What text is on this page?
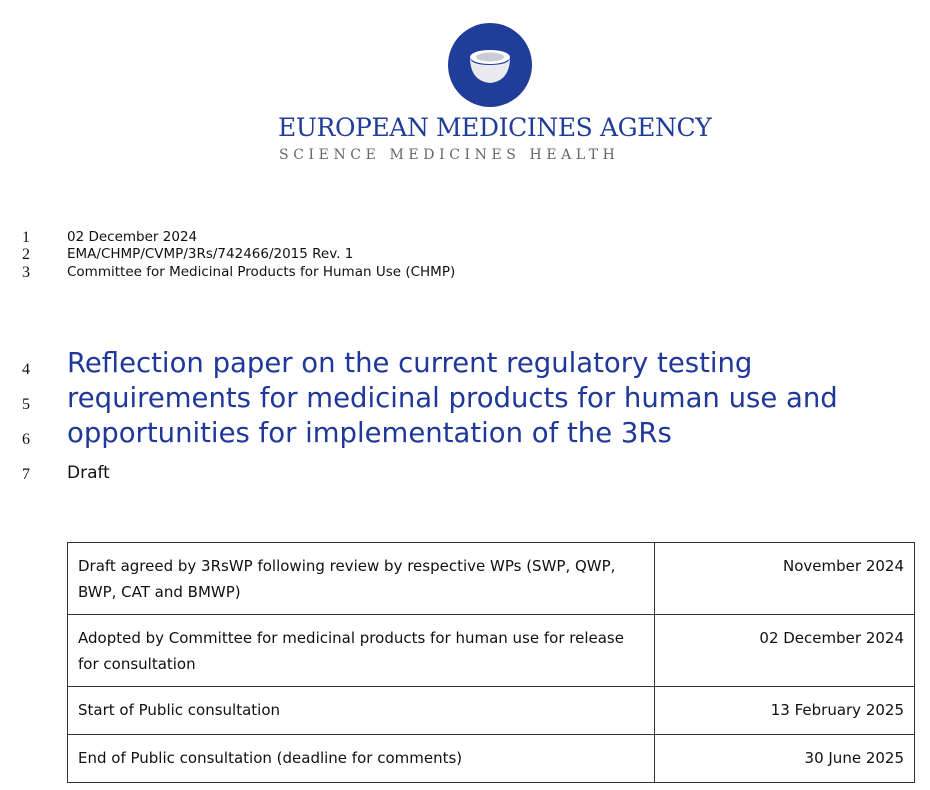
EUROPEAN MEDICINES AGENCY
SCIENCE MEDICINES HEALTH
1
2
3
4
5
6
7
02 December 2024
EMA/CHMP/CVMP/3Rs/742466/2015 Rev. 1
Committee for Medicinal Products for Human Use (CHMP)
Reflection paper on the current regulatory testing
requirements for medicinal products for human use and
opportunities for implementation of the 3Rs
Draft
Draft agreed by 3RsWP following review by respective WPs (SWP, QWP, BWP, CAT and BMWP)	November 2024
Adopted by Committee for medicinal products for human use for release for consultation	02 December 2024
Start of Public consultation	13 February 2025
End of Public consultation (deadline for comments)	30 June 2025
